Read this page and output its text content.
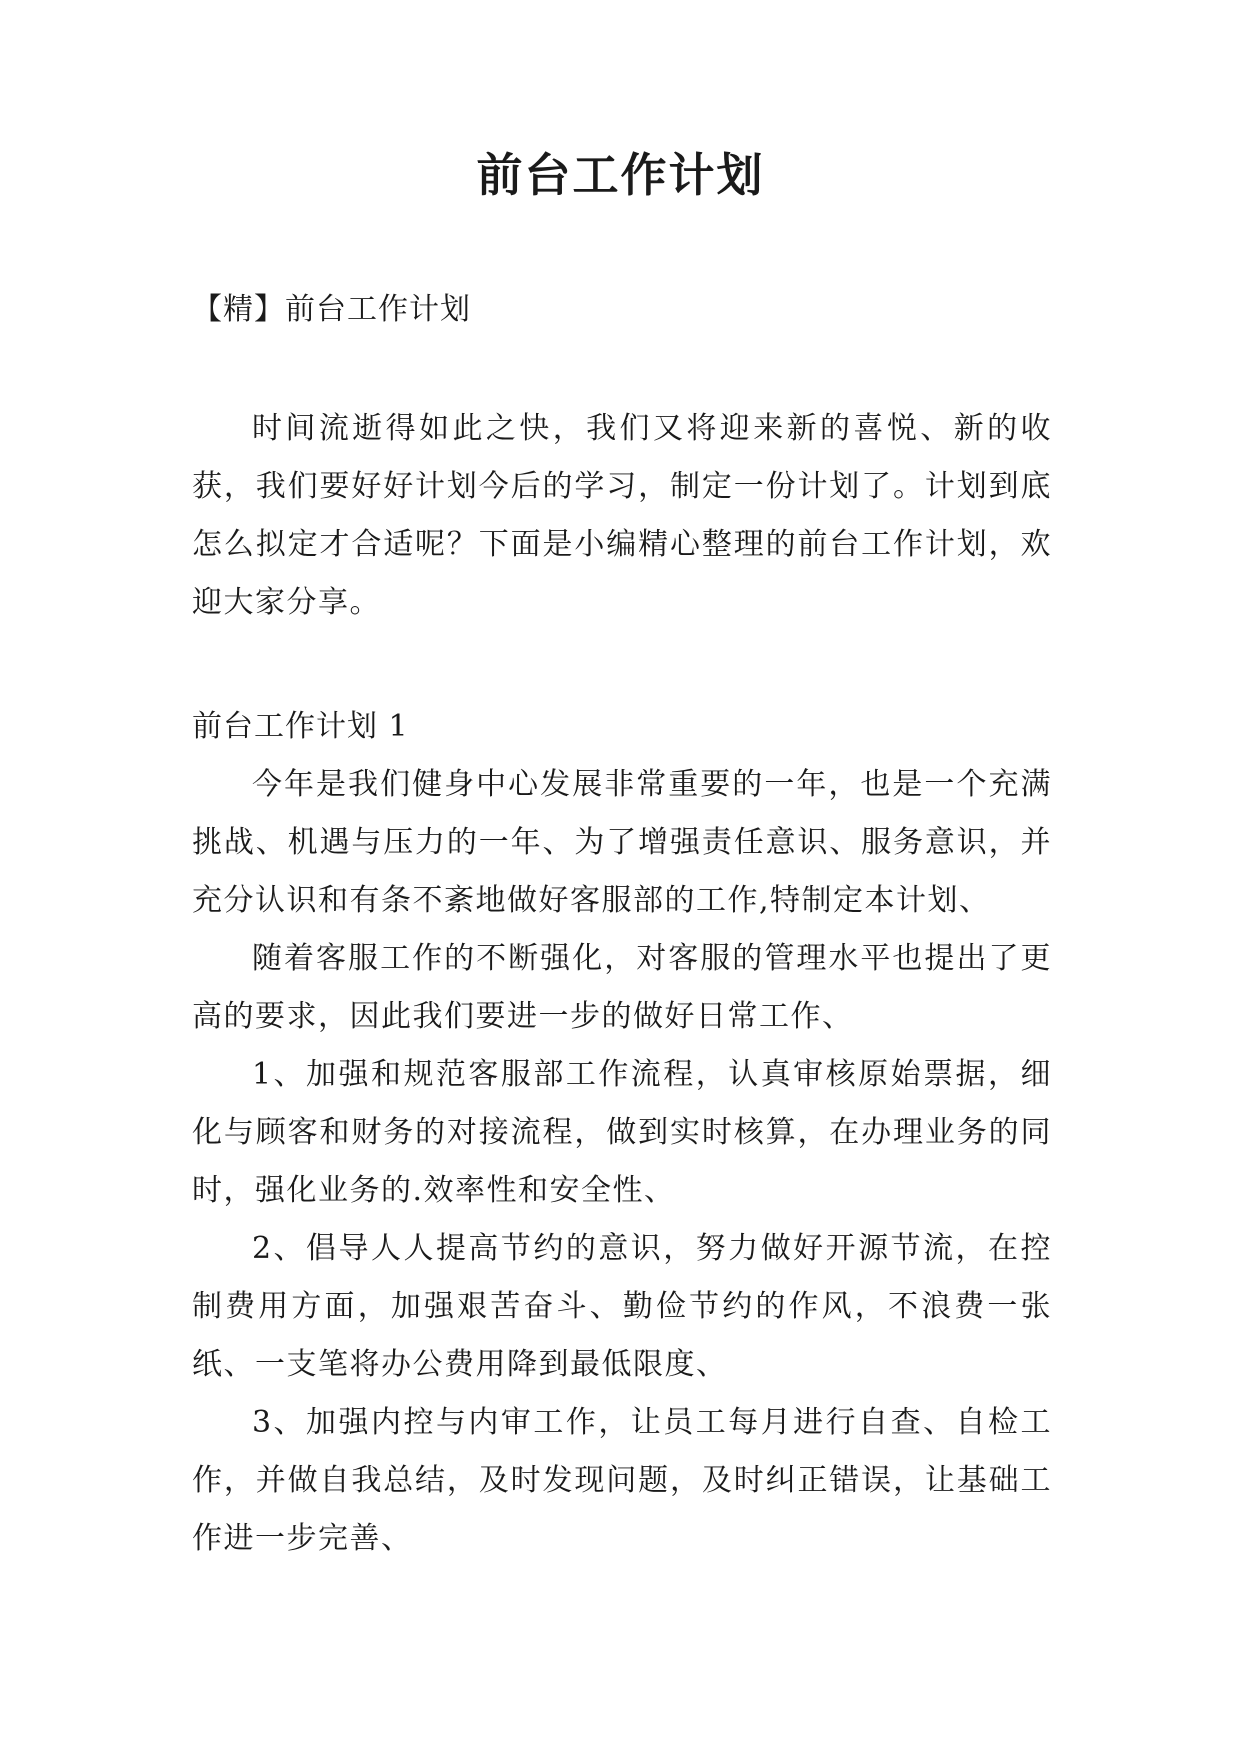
前台工作计划

【精】前台工作计划

时间流逝得如此之快，我们又将迎来新的喜悦、新的收获，我们要好好计划今后的学习，制定一份计划了。计划到底怎么拟定才合适呢？下面是小编精心整理的前台工作计划，欢迎大家分享。

前台工作计划 1

今年是我们健身中心发展非常重要的一年，也是一个充满挑战、机遇与压力的一年、为了增强责任意识、服务意识，并充分认识和有条不紊地做好客服部的工作,特制定本计划、

随着客服工作的不断强化，对客服的管理水平也提出了更高的要求，因此我们要进一步的做好日常工作、

1、加强和规范客服部工作流程，认真审核原始票据，细化与顾客和财务的对接流程，做到实时核算，在办理业务的同时，强化业务的.效率性和安全性、

2、倡导人人提高节约的意识，努力做好开源节流，在控制费用方面，加强艰苦奋斗、勤俭节约的作风，不浪费一张纸、一支笔将办公费用降到最低限度、

3、加强内控与内审工作，让员工每月进行自查、自检工作，并做自我总结，及时发现问题，及时纠正错误，让基础工作进一步完善、
